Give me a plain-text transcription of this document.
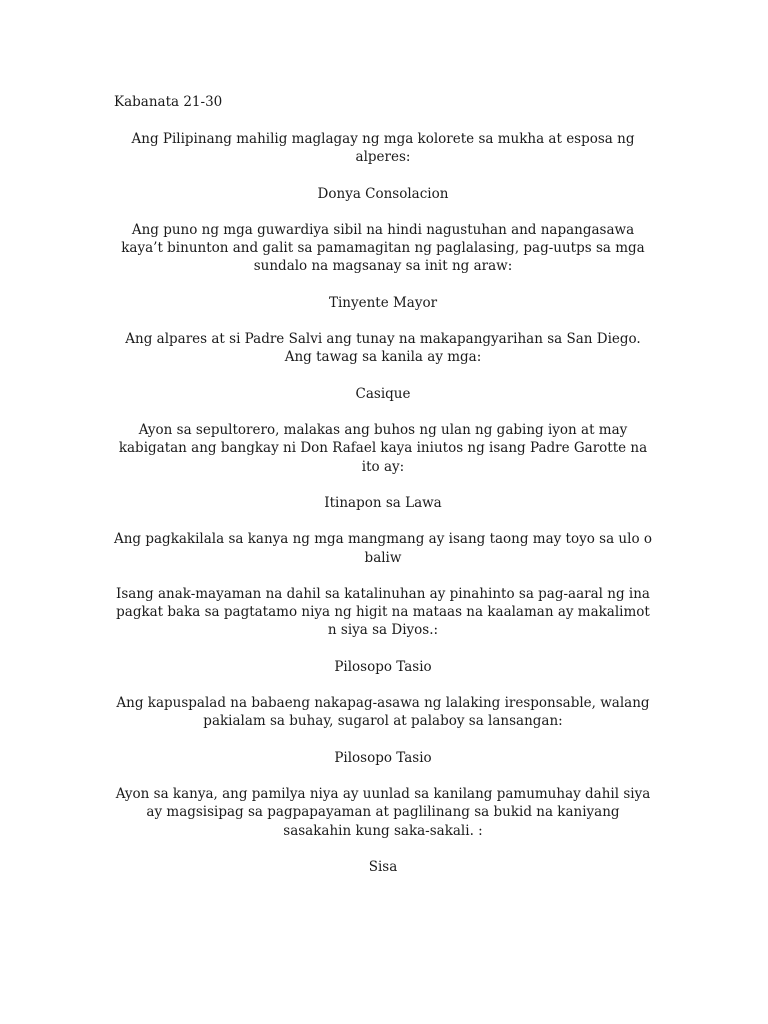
Kabanata 21-30

Ang Pilipinang mahilig maglagay ng mga kolorete sa mukha at esposa ng alperes:

Donya Consolacion

Ang puno ng mga guwardiya sibil na hindi nagustuhan and napangasawa kaya’t binunton and galit sa pamamagitan ng paglalasing, pag-uutps sa mga sundalo na magsanay sa init ng araw:

Tinyente Mayor

Ang alpares at si Padre Salvi ang tunay na makapangyarihan sa San Diego. Ang tawag sa kanila ay mga:

Casique

Ayon sa sepultorero, malakas ang buhos ng ulan ng gabing iyon at may kabigatan ang bangkay ni Don Rafael kaya iniutos ng isang Padre Garotte na ito ay:

Itinapon sa Lawa

Ang pagkakilala sa kanya ng mga mangmang ay isang taong may toyo sa ulo o baliw

Isang anak-mayaman na dahil sa katalinuhan ay pinahinto sa pag-aaral ng ina pagkat baka sa pagtatamo niya ng higit na mataas na kaalaman ay makalimot n siya sa Diyos.:

Pilosopo Tasio

Ang kapuspalad na babaeng nakapag-asawa ng lalaking iresponsable, walang pakialam sa buhay, sugarol at palaboy sa lansangan:

Pilosopo Tasio

Ayon sa kanya, ang pamilya niya ay uunlad sa kanilang pamumuhay dahil siya ay magsisipag sa pagpapayaman at paglilinang sa bukid na kaniyang sasakahin kung saka-sakali. :

Sisa
